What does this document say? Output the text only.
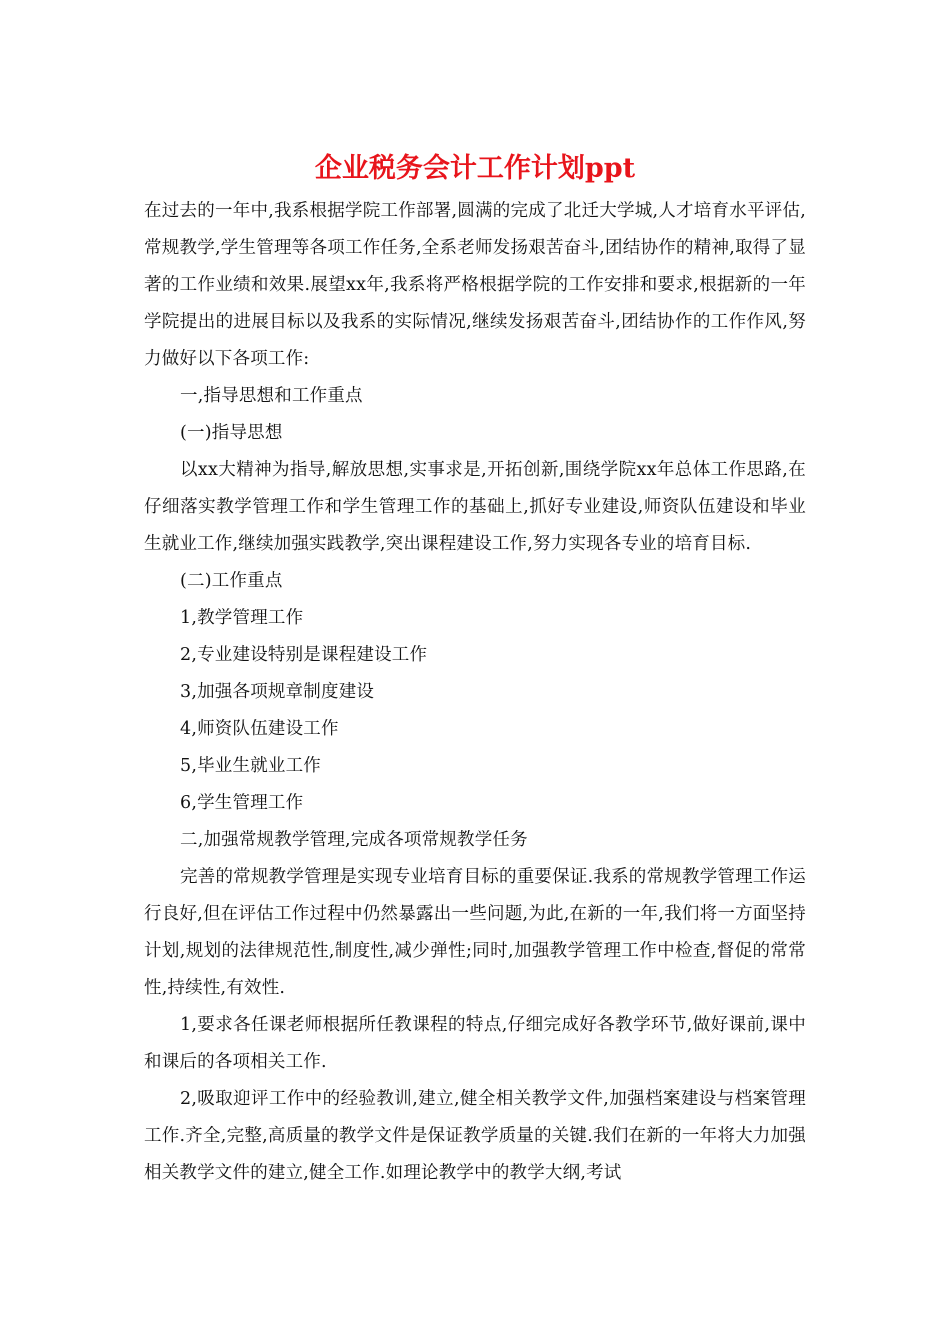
企业税务会计工作计划ppt

在过去的一年中,我系根据学院工作部署,圆满的完成了北迁大学城,人才培育水平评估,常规教学,学生管理等各项工作任务,全系老师发扬艰苦奋斗,团结协作的精神,取得了显著的工作业绩和效果.展望xx年,我系将严格根据学院的工作安排和要求,根据新的一年学院提出的进展目标以及我系的实际情况,继续发扬艰苦奋斗,团结协作的工作作风,努力做好以下各项工作:

一,指导思想和工作重点

(一)指导思想

以xx大精神为指导,解放思想,实事求是,开拓创新,围绕学院xx年总体工作思路,在仔细落实教学管理工作和学生管理工作的基础上,抓好专业建设,师资队伍建设和毕业生就业工作,继续加强实践教学,突出课程建设工作,努力实现各专业的培育目标.

(二)工作重点

1,教学管理工作

2,专业建设特别是课程建设工作

3,加强各项规章制度建设

4,师资队伍建设工作

5,毕业生就业工作

6,学生管理工作

二,加强常规教学管理,完成各项常规教学任务

完善的常规教学管理是实现专业培育目标的重要保证.我系的常规教学管理工作运行良好,但在评估工作过程中仍然暴露出一些问题,为此,在新的一年,我们将一方面坚持计划,规划的法律规范性,制度性,减少弹性;同时,加强教学管理工作中检查,督促的常常性,持续性,有效性.

1,要求各任课老师根据所任教课程的特点,仔细完成好各教学环节,做好课前,课中和课后的各项相关工作.

2,吸取迎评工作中的经验教训,建立,健全相关教学文件,加强档案建设与档案管理工作.齐全,完整,高质量的教学文件是保证教学质量的关键.我们在新的一年将大力加强相关教学文件的建立,健全工作.如理论教学中的教学大纲,考试
